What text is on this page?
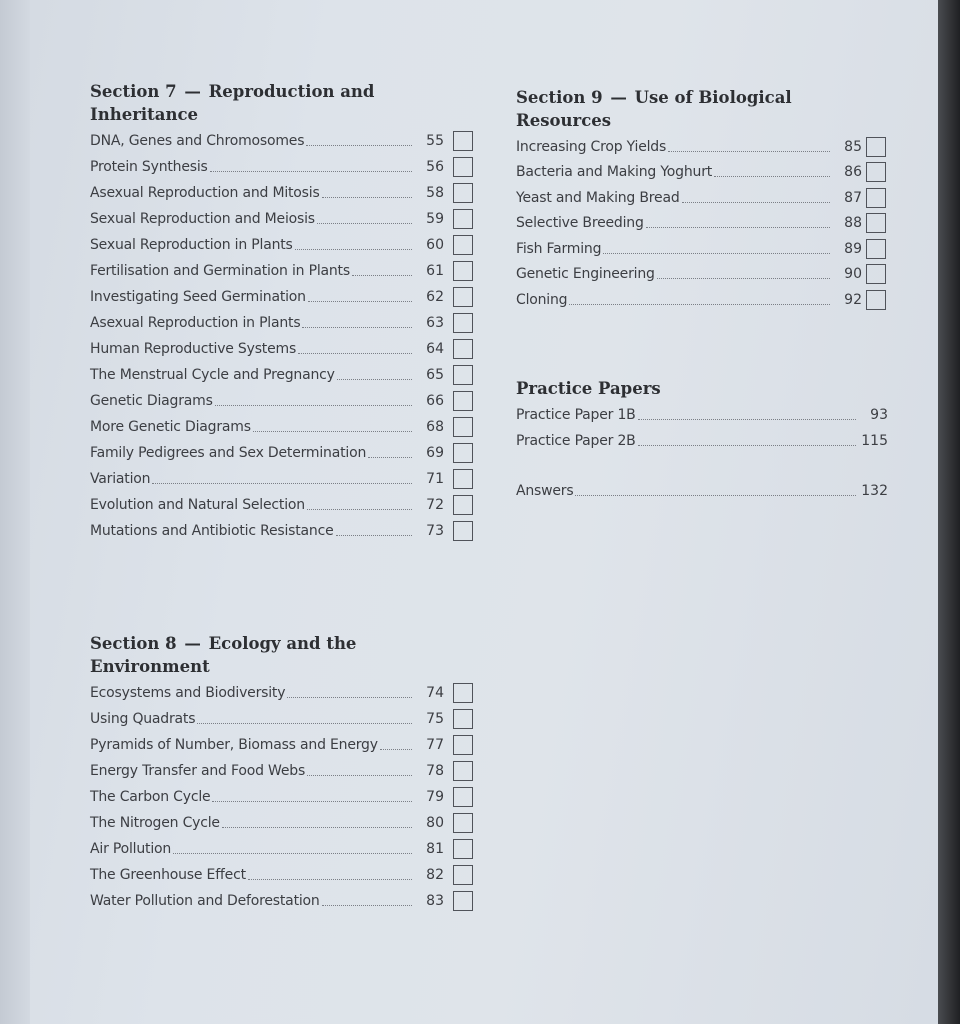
Section 7 — Reproduction and Inheritance
DNA, Genes and Chromosomes	55
Protein Synthesis	56
Asexual Reproduction and Mitosis	58
Sexual Reproduction and Meiosis	59
Sexual Reproduction in Plants	60
Fertilisation and Germination in Plants	61
Investigating Seed Germination	62
Asexual Reproduction in Plants	63
Human Reproductive Systems	64
The Menstrual Cycle and Pregnancy	65
Genetic Diagrams	66
More Genetic Diagrams	68
Family Pedigrees and Sex Determination	69
Variation	71
Evolution and Natural Selection	72
Mutations and Antibiotic Resistance	73
Section 8 — Ecology and the Environment
Ecosystems and Biodiversity	74
Using Quadrats	75
Pyramids of Number, Biomass and Energy	77
Energy Transfer and Food Webs	78
The Carbon Cycle	79
The Nitrogen Cycle	80
Air Pollution	81
The Greenhouse Effect	82
Water Pollution and Deforestation	83
Section 9 — Use of Biological Resources
Increasing Crop Yields	85
Bacteria and Making Yoghurt	86
Yeast and Making Bread	87
Selective Breeding	88
Fish Farming	89
Genetic Engineering	90
Cloning	92
Practice Papers
Practice Paper 1B	93
Practice Paper 2B	115
Answers	132
